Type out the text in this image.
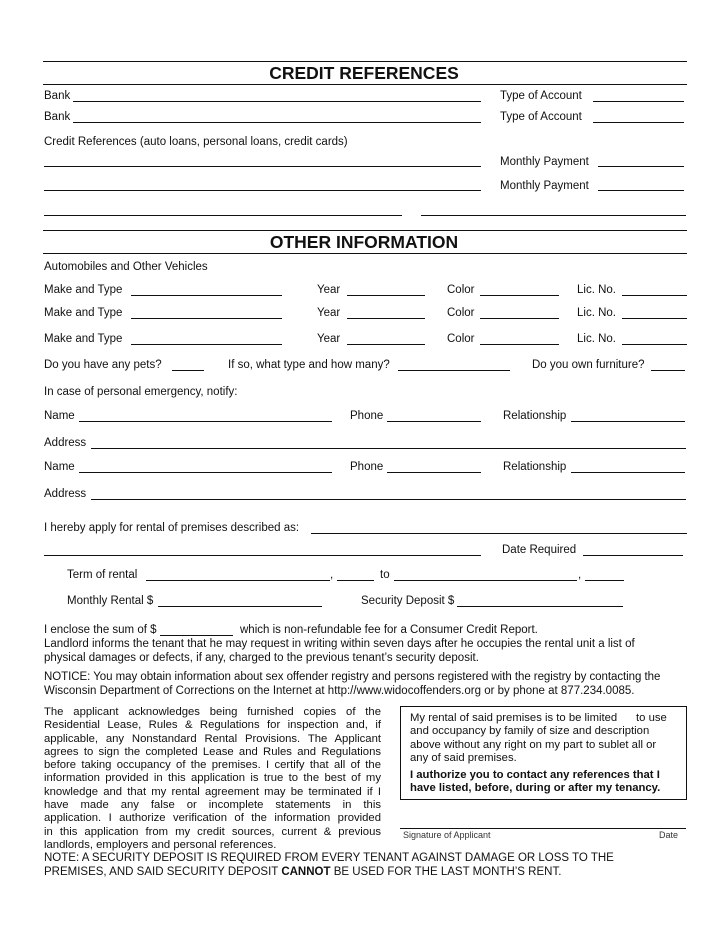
CREDIT REFERENCES
Bank	Type of Account
Bank	Type of Account
Credit References (auto loans, personal loans, credit cards)
Monthly Payment
Monthly Payment
OTHER INFORMATION
Automobiles and Other Vehicles
Make and Type	Year	Color	Lic. No.
Make and Type	Year	Color	Lic. No.
Make and Type	Year	Color	Lic. No.
Do you have any pets?	If so, what type and how many?	Do you own furniture?
In case of personal emergency, notify:
Name	Phone	Relationship
Address
Name	Phone	Relationship
Address
I hereby apply for rental of premises described as:
Date Required
Term of rental	,	to	,
Monthly Rental $	Security Deposit $
I enclose the sum of $	which is non-refundable fee for a Consumer Credit Report.
Landlord informs the tenant that he may request in writing within seven days after he occupies the rental unit a list of
physical damages or defects, if any, charged to the previous tenant’s security deposit.
NOTICE: You may obtain information about sex offender registry and persons registered with the registry by contacting the
Wisconsin Department of Corrections on the Internet at http://www.widocoffenders.org or by phone at 877.234.0085.
The applicant acknowledges being furnished copies of the
Residential Lease, Rules & Regulations for inspection and, if
applicable, any Nonstandard Rental Provisions. The Applicant
agrees to sign the completed Lease and Rules and Regulations
before taking occupancy of the premises. I certify that all of the
information provided in this application is true to the best of my
knowledge and that my rental agreement may be terminated if I
have made any false or incomplete statements in this
application. I authorize verification of the information provided
in this application from my credit sources, current & previous
landlords, employers and personal references.
My rental of said premises is to be limited      to use
and occupancy by family of size and description
above without any right on my part to sublet all or
any of said premises.
I authorize you to contact any references that I
have listed, before, during or after my tenancy.
Signature of Applicant	Date
NOTE: A SECURITY DEPOSIT IS REQUIRED FROM EVERY TENANT AGAINST DAMAGE OR LOSS TO THE
PREMISES, AND SAID SECURITY DEPOSIT CANNOT BE USED FOR THE LAST MONTH’S RENT.
